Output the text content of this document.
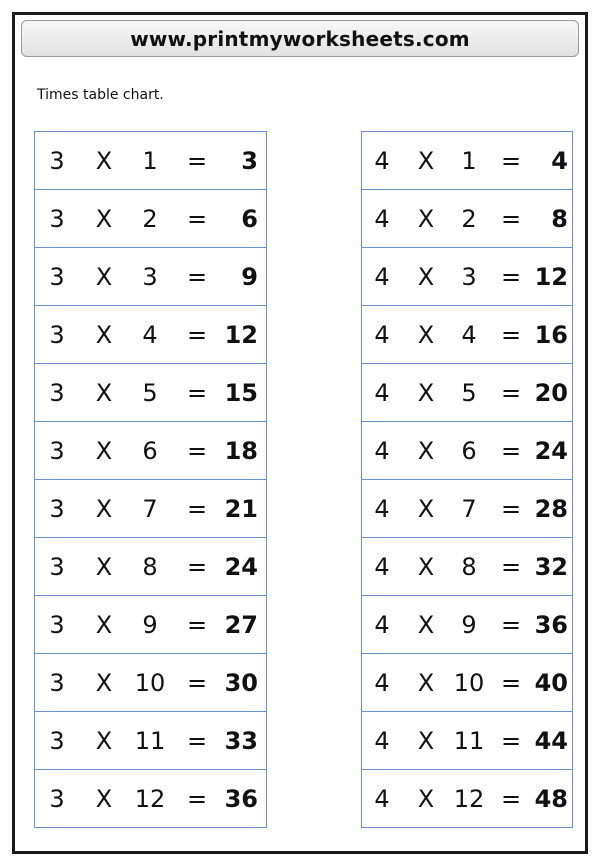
www.printmyworksheets.com
Times table chart.
3 X	1	=	3
3 X	2	=	6
3 X	3	=	9
3 X	4	= 12
3 X	5	= 15
3 X	6	= 18
3 X	7	= 21
3 X	8	= 24
3 X	9	= 27
3 X 10 = 30
3 X 11 = 33
3 X 12 = 36
4 X	1	=	4
4 X	2	=	8
4 X	3	= 12
4 X	4	= 16
4 X	5	= 20
4 X	6	= 24
4 X	7	= 28
4 X	8	= 32
4 X	9	= 36
4 X 10 = 40
4 X 11 = 44
4 X 12 = 48
